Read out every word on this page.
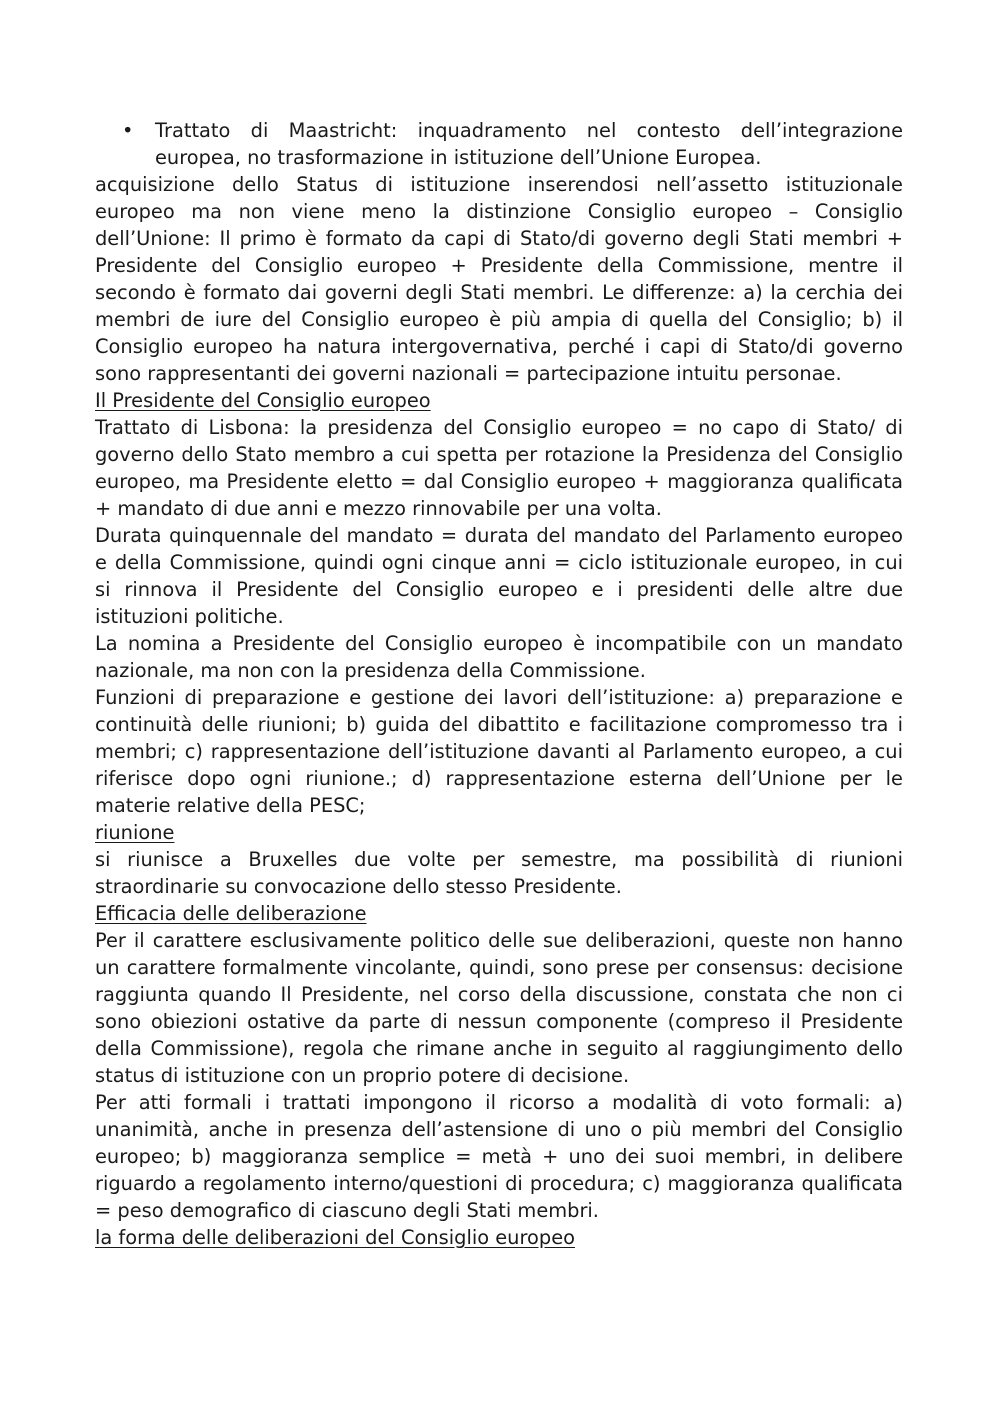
• Trattato di Maastricht: inquadramento nel contesto dell’integrazione europea, no trasformazione in istituzione dell’Unione Europea.

acquisizione dello Status di istituzione inserendosi nell’assetto istituzionale europeo ma non viene meno la distinzione Consiglio europeo – Consiglio dell’Unione: Il primo è formato da capi di Stato/di governo degli Stati membri + Presidente del Consiglio europeo + Presidente della Commissione, mentre il secondo è formato dai governi degli Stati membri. Le differenze: a) la cerchia dei membri de iure del Consiglio europeo è più ampia di quella del Consiglio; b) il Consiglio europeo ha natura intergovernativa, perché i capi di Stato/di governo sono rappresentanti dei governi nazionali = partecipazione intuitu personae.

Il Presidente del Consiglio europeo

Trattato di Lisbona: la presidenza del Consiglio europeo = no capo di Stato/ di governo dello Stato membro a cui spetta per rotazione la Presidenza del Consiglio europeo, ma Presidente eletto = dal Consiglio europeo + maggioranza qualificata + mandato di due anni e mezzo rinnovabile per una volta.

Durata quinquennale del mandato = durata del mandato del Parlamento europeo e della Commissione, quindi ogni cinque anni = ciclo istituzionale europeo, in cui si rinnova il Presidente del Consiglio europeo e i presidenti delle altre due istituzioni politiche.

La nomina a Presidente del Consiglio europeo è incompatibile con un mandato nazionale, ma non con la presidenza della Commissione.

Funzioni di preparazione e gestione dei lavori dell’istituzione: a) preparazione e continuità delle riunioni; b) guida del dibattito e facilitazione compromesso tra i membri; c) rappresentazione dell’istituzione davanti al Parlamento europeo, a cui riferisce dopo ogni riunione.; d) rappresentazione esterna dell’Unione per le materie relative della PESC;

riunione

si riunisce a Bruxelles due volte per semestre, ma possibilità di riunioni straordinarie su convocazione dello stesso Presidente.

Efficacia delle deliberazione

Per il carattere esclusivamente politico delle sue deliberazioni, queste non hanno un carattere formalmente vincolante, quindi, sono prese per consensus: decisione raggiunta quando Il Presidente, nel corso della discussione, constata che non ci sono obiezioni ostative da parte di nessun componente (compreso il Presidente della Commissione), regola che rimane anche in seguito al raggiungimento dello status di istituzione con un proprio potere di decisione.

Per atti formali i trattati impongono il ricorso a modalità di voto formali: a) unanimità, anche in presenza dell’astensione di uno o più membri del Consiglio europeo; b) maggioranza semplice = metà + uno dei suoi membri, in delibere riguardo a regolamento interno/questioni di procedura; c) maggioranza qualificata = peso demografico di ciascuno degli Stati membri.

la forma delle deliberazioni del Consiglio europeo
